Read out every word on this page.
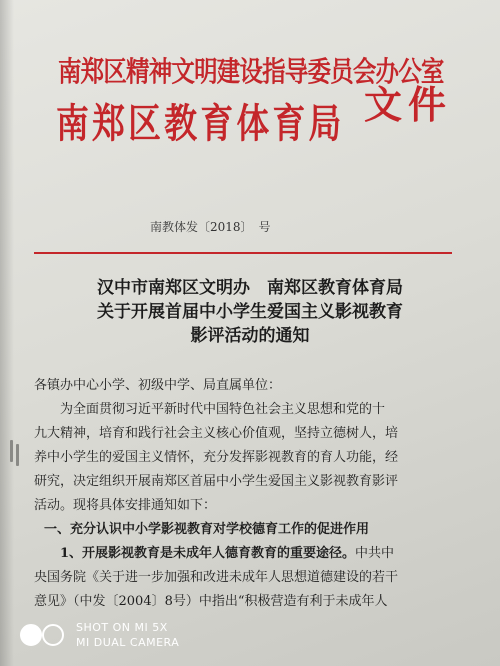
南郑区精神文明建设指导委员会办公室
南郑区教育体育局 文件
南教体发〔2018〕　号
汉中市南郑区文明办　南郑区教育体育局
关于开展首届中小学生爱国主义影视教育
影评活动的通知
各镇办中心小学、初级中学、局直属单位：
为全面贯彻习近平新时代中国特色社会主义思想和党的十
九大精神，培育和践行社会主义核心价值观，坚持立德树人，培
养中小学生的爱国主义情怀，充分发挥影视教育的育人功能，经
研究，决定组织开展南郑区首届中小学生爱国主义影视教育影评
活动。现将具体安排通知如下：
一、充分认识中小学影视教育对学校德育工作的促进作用
1、开展影视教育是未成年人德育教育的重要途径。中共中
央国务院《关于进一步加强和改进未成年人思想道德建设的若干
意见》（中发〔2004〕8号）中指出“积极营造有利于未成年人
SHOT ON MI 5X
MI DUAL CAMERA
